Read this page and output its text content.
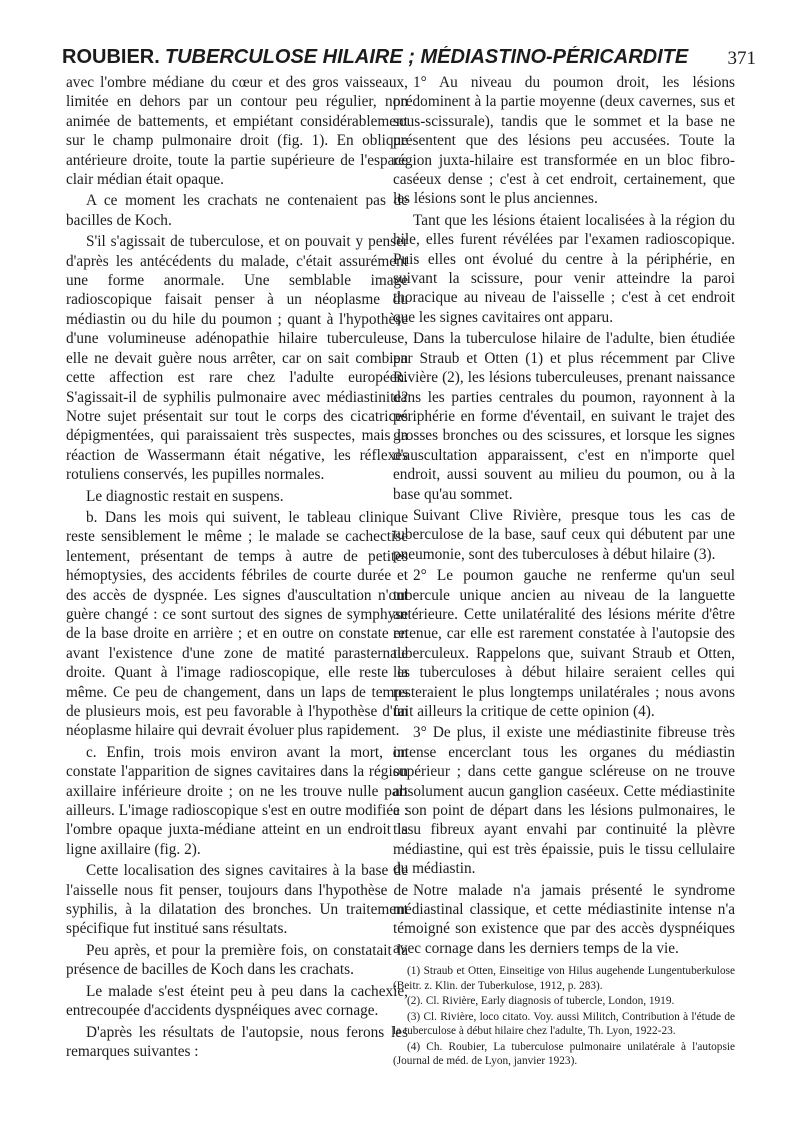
ROUBIER. TUBERCULOSE HILAIRE ; MÉDIASTINO-PÉRICARDITE 371

avec l'ombre médiane du cœur et des gros vaisseaux, limitée en dehors par un contour peu régulier, non animée de battements, et empiétant considérablement sur le champ pulmonaire droit (fig. 1). En oblique antérieure droite, toute la partie supérieure de l'espace clair médian était opaque.

A ce moment les crachats ne contenaient pas de bacilles de Koch.

S'il s'agissait de tuberculose, et on pouvait y penser d'après les antécédents du malade, c'était assurément une forme anormale. Une semblable image radioscopique faisait penser à un néoplasme du médiastin ou du hile du poumon ; quant à l'hypothèse d'une volumineuse adénopathie hilaire tuberculeuse, elle ne devait guère nous arrêter, car on sait combien cette affection est rare chez l'adulte européen. S'agissait-il de syphilis pulmonaire avec médiastinite? Notre sujet présentait sur tout le corps des cicatrices dépigmentées, qui paraissaient très suspectes, mais la réaction de Wassermann était négative, les réflexes rotuliens conservés, les pupilles normales.

Le diagnostic restait en suspens.

b. Dans les mois qui suivent, le tableau clinique reste sensiblement le même ; le malade se cachectise lentement, présentant de temps à autre de petites hémoptysies, des accidents fébriles de courte durée et des accès de dyspnée. Les signes d'auscultation n'ont guère changé : ce sont surtout des signes de symphyse de la base droite en arrière ; et en outre on constate en avant l'existence d'une zone de matité parasternale droite. Quant à l'image radioscopique, elle reste la même. Ce peu de changement, dans un laps de temps de plusieurs mois, est peu favorable à l'hypothèse d'un néoplasme hilaire qui devrait évoluer plus rapidement.

c. Enfin, trois mois environ avant la mort, on constate l'apparition de signes cavitaires dans la région axillaire inférieure droite ; on ne les trouve nulle part ailleurs. L'image radioscopique s'est en outre modifiée : l'ombre opaque juxta-médiane atteint en un endroit la ligne axillaire (fig. 2).

Cette localisation des signes cavitaires à la base de l'aisselle nous fit penser, toujours dans l'hypothèse de syphilis, à la dilatation des bronches. Un traitement spécifique fut institué sans résultats.

Peu après, et pour la première fois, on constatait la présence de bacilles de Koch dans les crachats.

Le malade s'est éteint peu à peu dans la cachexie, entrecoupée d'accidents dyspnéiques avec cornage.

D'après les résultats de l'autopsie, nous ferons les remarques suivantes :

1° Au niveau du poumon droit, les lésions prédominent à la partie moyenne (deux cavernes, sus et sous-scissurale), tandis que le sommet et la base ne présentent que des lésions peu accusées. Toute la région juxta-hilaire est transformée en un bloc fibro-caséeux dense ; c'est à cet endroit, certainement, que les lésions sont le plus anciennes.

Tant que les lésions étaient localisées à la région du hile, elles furent révélées par l'examen radioscopique. Puis elles ont évolué du centre à la périphérie, en suivant la scissure, pour venir atteindre la paroi thoracique au niveau de l'aisselle ; c'est à cet endroit que les signes cavitaires ont apparu.

Dans la tuberculose hilaire de l'adulte, bien étudiée par Straub et Otten (1) et plus récemment par Clive Rivière (2), les lésions tuberculeuses, prenant naissance dans les parties centrales du poumon, rayonnent à la périphérie en forme d'éventail, en suivant le trajet des grosses bronches ou des scissures, et lorsque les signes d'auscultation apparaissent, c'est en n'importe quel endroit, aussi souvent au milieu du poumon, ou à la base qu'au sommet.

Suivant Clive Rivière, presque tous les cas de tuberculose de la base, sauf ceux qui débutent par une pneumonie, sont des tuberculoses à début hilaire (3).

2° Le poumon gauche ne renferme qu'un seul tubercule unique ancien au niveau de la languette antérieure. Cette unilatéralité des lésions mérite d'être retenue, car elle est rarement constatée à l'autopsie des tuberculeux. Rappelons que, suivant Straub et Otten, les tuberculoses à début hilaire seraient celles qui resteraient le plus longtemps unilatérales ; nous avons fait ailleurs la critique de cette opinion (4).

3° De plus, il existe une médiastinite fibreuse très intense encerclant tous les organes du médiastin supérieur ; dans cette gangue scléreuse on ne trouve absolument aucun ganglion caséeux. Cette médiastinite a son point de départ dans les lésions pulmonaires, le tissu fibreux ayant envahi par continuité la plèvre médiastine, qui est très épaissie, puis le tissu cellulaire du médiastin.

Notre malade n'a jamais présenté le syndrome médiastinal classique, et cette médiastinite intense n'a témoigné son existence que par des accès dyspnéiques avec cornage dans les derniers temps de la vie.

(1) Straub et Otten, Einseitige von Hilus augehende Lungentuberkulose (Beitr. z. Klin. der Tuberkulose, 1912, p. 283).

(2). Cl. Rivière, Early diagnosis of tubercle, London, 1919.

(3) Cl. Rivière, loco citato. Voy. aussi Militch, Contribution à l'étude de la tuberculose à début hilaire chez l'adulte, Th. Lyon, 1922-23.

(4) Ch. Roubier, La tuberculose pulmonaire unilatérale à l'autopsie (Journal de méd. de Lyon, janvier 1923).
